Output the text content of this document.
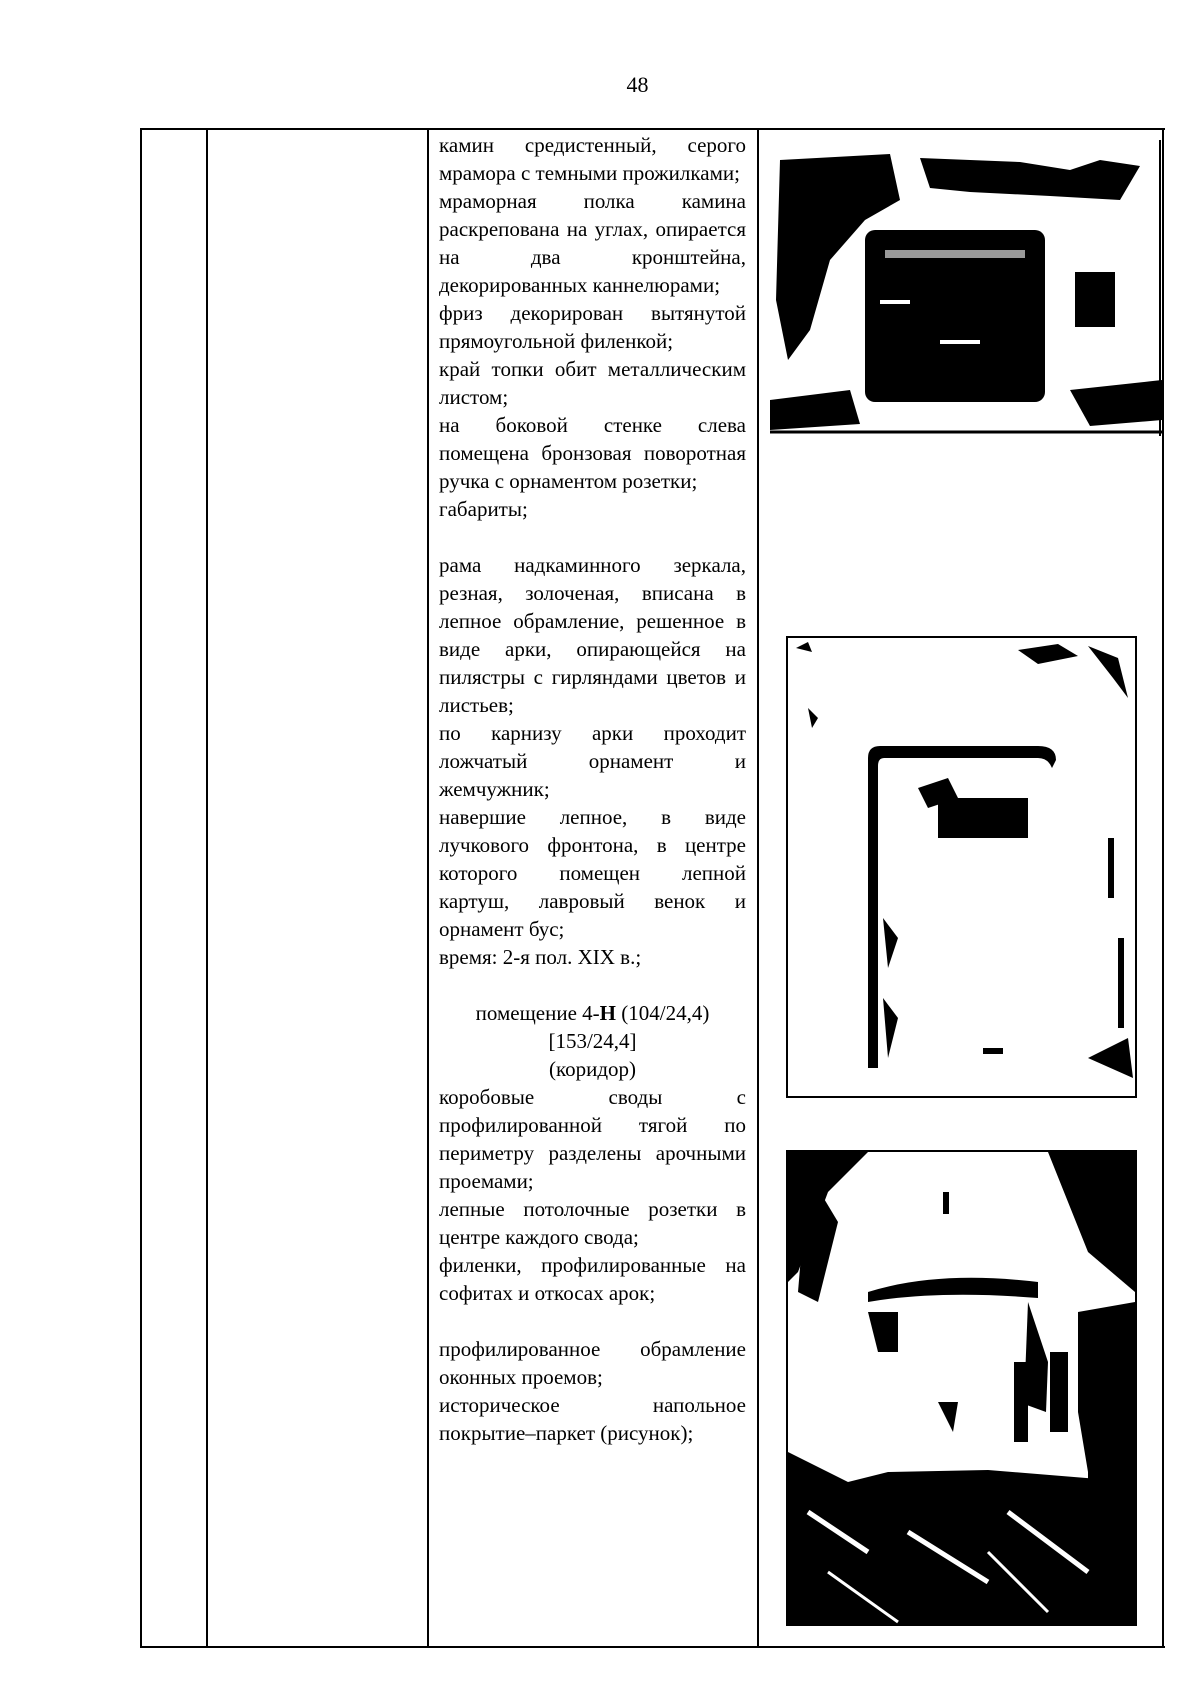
48
камин средистенный, серого мрамора с темными прожилками;
мраморная полка камина раскрепована на углах, опирается на два кронштейна, декорированных каннелюрами;
фриз декорирован вытянутой прямоугольной филенкой;
край топки обит металлическим листом;
на боковой стенке слева помещена бронзовая поворотная ручка с орнаментом розетки;
габариты;
рама надкаминного зеркала, резная, золоченая, вписана в лепное обрамление, решенное в виде арки, опирающейся на пилястры с гирляндами цветов и листьев;
по карнизу арки проходит ложчатый орнамент и жемчужник;
навершие лепное, в виде лучкового фронтона, в центре которого помещен лепной картуш, лавровый венок и орнамент бус;
время: 2-я пол. XIX в.;
помещение 4-Н (104/24,4)
[153/24,4]
(коридор)
коробовые своды с профилированной тягой по периметру разделены арочными проемами;
лепные потолочные розетки в центре каждого свода;
филенки, профилированные на софитах и откосах арок;
профилированное обрамление оконных проемов;
историческое напольное покрытие–паркет (рисунок);
